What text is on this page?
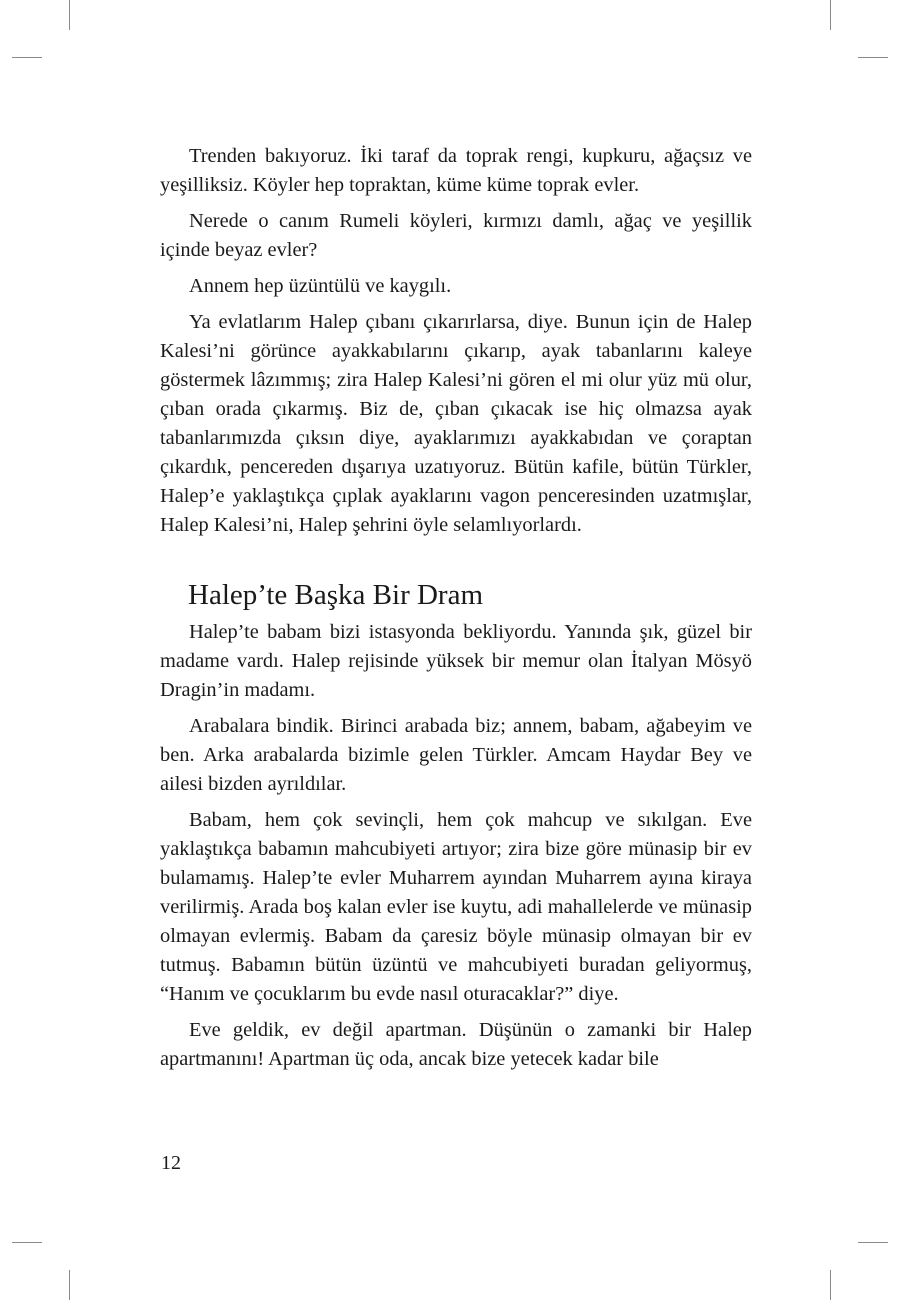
Trenden bakıyoruz. İki taraf da toprak rengi, kupkuru, ağaçsız ve yeşilliksiz. Köyler hep topraktan, küme küme toprak evler.

Nerede o canım Rumeli köyleri, kırmızı damlı, ağaç ve yeşillik içinde beyaz evler?

Annem hep üzüntülü ve kaygılı.

Ya evlatlarım Halep çıbanı çıkarırlarsa, diye. Bunun için de Halep Kalesi’ni görünce ayakkabılarını çıkarıp, ayak tabanlarını kaleye göstermek lâzımmış; zira Halep Kalesi’ni gören el mi olur yüz mü olur, çıban orada çıkarmış. Biz de, çıban çıkacak ise hiç olmazsa ayak tabanlarımızda çıksın diye, ayaklarımızı ayakkabıdan ve çoraptan çıkardık, pencereden dışarıya uzatıyoruz. Bütün kafile, bütün Türkler, Halep’e yaklaştıkça çıplak ayaklarını vagon penceresinden uzatmışlar, Halep Kalesi’ni, Halep şehrini öyle selamlıyorlardı.

Halep’te Başka Bir Dram

Halep’te babam bizi istasyonda bekliyordu. Yanında şık, güzel bir madame vardı. Halep rejisinde yüksek bir memur olan İtalyan Mösyö Dragin’in madamı.

Arabalara bindik. Birinci arabada biz; annem, babam, ağabeyim ve ben. Arka arabalarda bizimle gelen Türkler. Amcam Haydar Bey ve ailesi bizden ayrıldılar.

Babam, hem çok sevinçli, hem çok mahcup ve sıkılgan. Eve yaklaştıkça babamın mahcubiyeti artıyor; zira bize göre münasip bir ev bulamamış. Halep’te evler Muharrem ayından Muharrem ayına kiraya verilirmiş. Arada boş kalan evler ise kuytu, adi mahallelerde ve münasip olmayan evlermiş. Babam da çaresiz böyle münasip olmayan bir ev tutmuş. Babamın bütün üzüntü ve mahcubiyeti buradan geliyormuş, “Hanım ve çocuklarım bu evde nasıl oturacaklar?” diye.

Eve geldik, ev değil apartman. Düşünün o zamanki bir Halep apartmanını! Apartman üç oda, ancak bize yetecek kadar bile

12
